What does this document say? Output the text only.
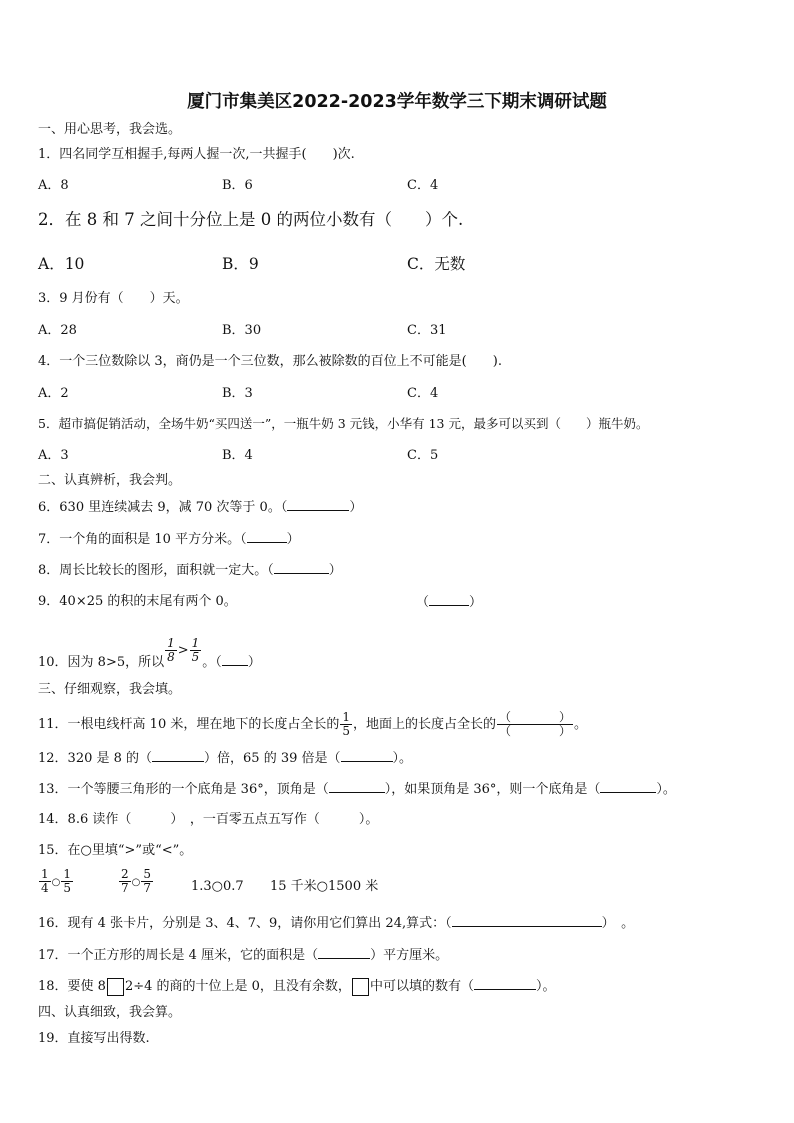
厦门市集美区2022-2023学年数学三下期末调研试题
一、用心思考，我会选。
1．四名同学互相握手,每两人握一次,一共握手(　　)次.
A．8	B．6	C．4
2．在 8 和 7 之间十分位上是 0 的两位小数有（　　）个.
A．10	B．9	C．无数
3．9 月份有（　　）天。
A．28	B．30	C．31
4．一个三位数除以 3，商仍是一个三位数，那么被除数的百位上不可能是(　　).
A．2	B．3	C．4
5．超市搞促销活动，全场牛奶“买四送一”，一瓶牛奶 3 元钱，小华有 13 元，最多可以买到（　　）瓶牛奶。
A．3	B．4	C．5
二、认真辨析，我会判。
6．630 里连续减去 9，减 70 次等于 0。（	）
7．一个角的面积是 10 平方分米。（	）
8．周长比较长的图形，面积就一定大。（	）
9．40×25 的积的末尾有两个 0。	（	）
10．因为 8>5，所以 $\frac{1}{8} > \frac{1}{5}$ 。（ ）
三、仔细观察，我会填。
11．一根电线杆高 10 米，埋在地下的长度占全长的 $\frac{1}{5}$ ，地面上的长度占全长的 $\frac{( )}{( )}$ 。
12．320 是 8 的（	）倍，65 的 39 倍是（	）。
13．一个等腰三角形的一个底角是 36°，顶角是（	），如果顶角是 36°，则一个底角是（	）。
14．8.6 读作（　　　）　，一百零五点五写作（　　　）。
15．在○里填“>”或“<”。
$\frac{1}{4}$ ○ $\frac{1}{5}$	$\frac{2}{7}$ ○ $\frac{5}{7}$	1.3○0.7 15 千米○1500 米
16．现有 4 张卡片，分别是 3、4、7、9，请你用它们算出 24,算式：（	）　。
17．一个正方形的周长是 4 厘米，它的面积是（	）平方厘米。
18．要使 8 2÷4 的商的十位上是 0，且没有余数， 中可以填的数有（	）。
四、认真细致，我会算。
19．直接写出得数.
